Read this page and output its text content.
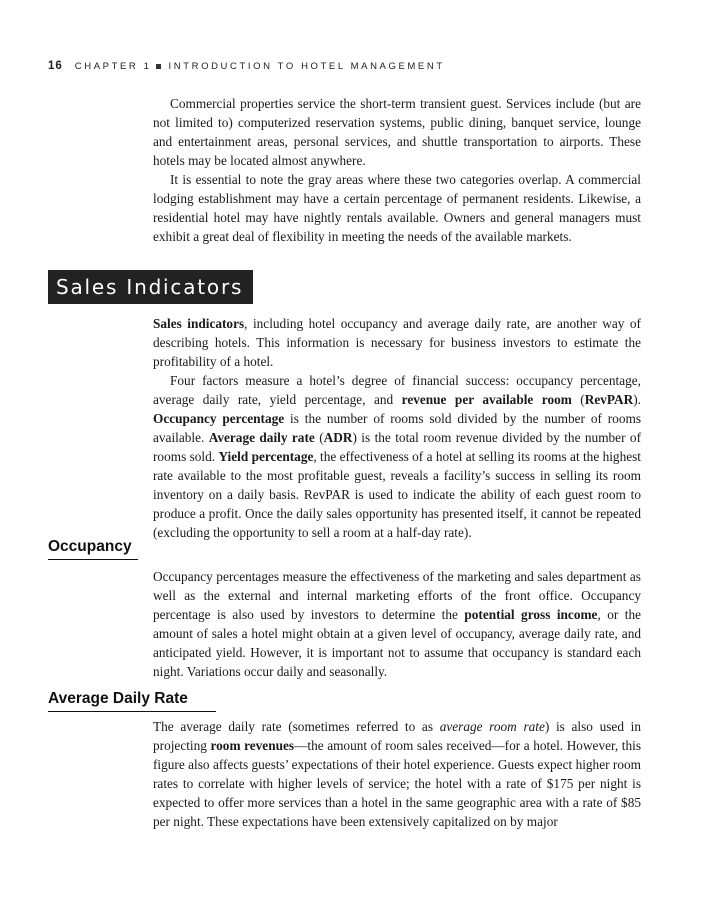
16 CHAPTER 1 INTRODUCTION TO HOTEL MANAGEMENT

Commercial properties service the short-term transient guest. Services include (but are not limited to) computerized reservation systems, public dining, banquet service, lounge and entertainment areas, personal services, and shuttle transportation to airports. These hotels may be located almost anywhere.

It is essential to note the gray areas where these two categories overlap. A commercial lodging establishment may have a certain percentage of permanent residents. Likewise, a residential hotel may have nightly rentals available. Owners and general managers must exhibit a great deal of flexibility in meeting the needs of the available markets.

Sales Indicators

Sales indicators, including hotel occupancy and average daily rate, are another way of describing hotels. This information is necessary for business investors to estimate the profitability of a hotel.

Four factors measure a hotel’s degree of financial success: occupancy percentage, average daily rate, yield percentage, and revenue per available room (RevPAR). Occupancy percentage is the number of rooms sold divided by the number of rooms available. Average daily rate (ADR) is the total room revenue divided by the number of rooms sold. Yield percentage, the effectiveness of a hotel at selling its rooms at the highest rate available to the most profitable guest, reveals a facility’s success in selling its room inventory on a daily basis. RevPAR is used to indicate the ability of each guest room to produce a profit. Once the daily sales opportunity has presented itself, it cannot be repeated (excluding the opportunity to sell a room at a half-day rate).

Occupancy

Occupancy percentages measure the effectiveness of the marketing and sales department as well as the external and internal marketing efforts of the front office. Occupancy percentage is also used by investors to determine the potential gross income, or the amount of sales a hotel might obtain at a given level of occupancy, average daily rate, and anticipated yield. However, it is important not to assume that occupancy is standard each night. Variations occur daily and seasonally.

Average Daily Rate

The average daily rate (sometimes referred to as average room rate) is also used in projecting room revenues—the amount of room sales received—for a hotel. However, this figure also affects guests’ expectations of their hotel experience. Guests expect higher room rates to correlate with higher levels of service; the hotel with a rate of $175 per night is expected to offer more services than a hotel in the same geographic area with a rate of $85 per night. These expectations have been extensively capitalized on by major
